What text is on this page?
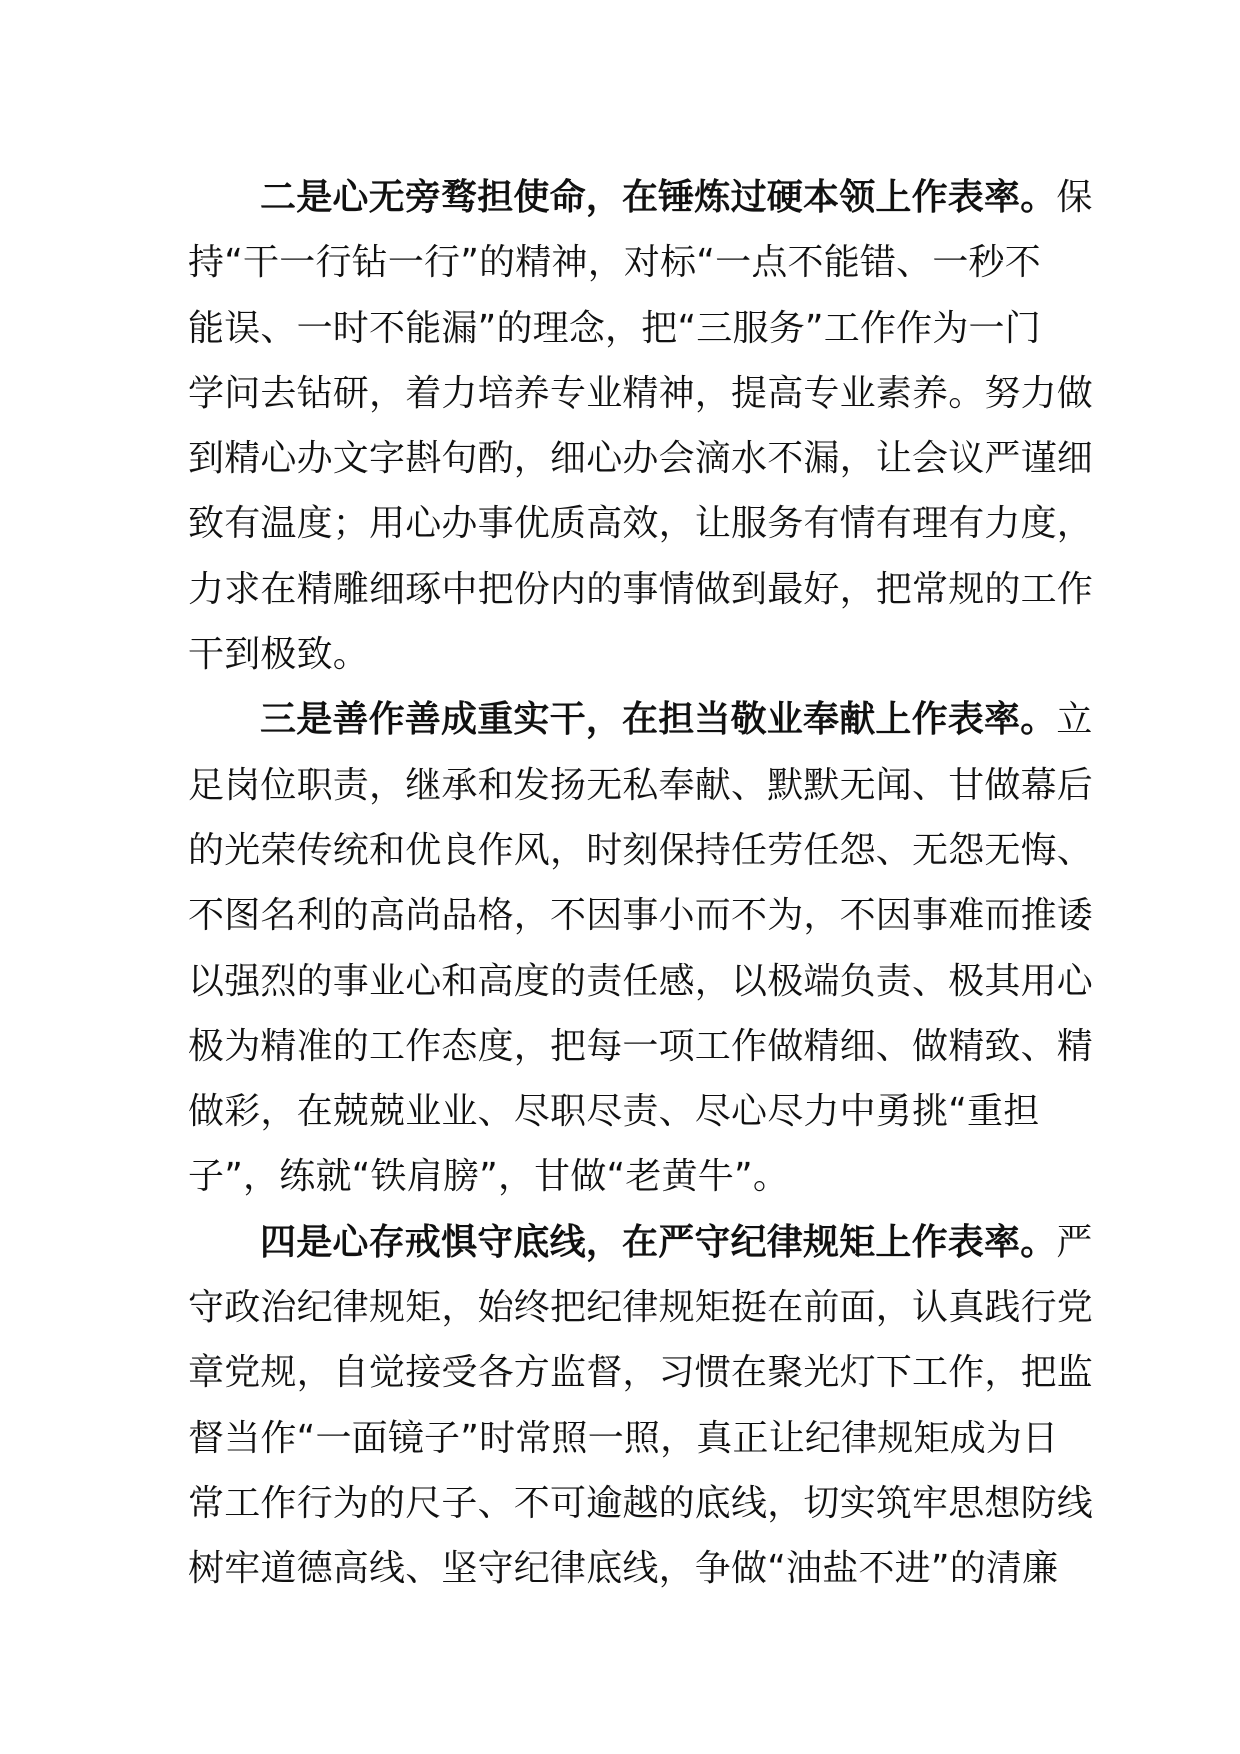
二是心无旁骛担使命，在锤炼过硬本领上作表率。保
持“干一行钻一行”的精神，对标“一点不能错、一秒不
能误、一时不能漏”的理念，把“三服务”工作作为一门
学问去钻研，着力培养专业精神，提高专业素养。努力做
到精心办文字斟句酌，细心办会滴水不漏，让会议严谨细
致有温度；用心办事优质高效，让服务有情有理有力度，
力求在精雕细琢中把份内的事情做到最好，把常规的工作
干到极致。
三是善作善成重实干，在担当敬业奉献上作表率。立
足岗位职责，继承和发扬无私奉献、默默无闻、甘做幕后
的光荣传统和优良作风，时刻保持任劳任怨、无怨无悔、
不图名利的高尚品格，不因事小而不为，不因事难而推诿
以强烈的事业心和高度的责任感，以极端负责、极其用心
极为精准的工作态度，把每一项工作做精细、做精致、精
做彩，在兢兢业业、尽职尽责、尽心尽力中勇挑“重担
子”，练就“铁肩膀”，甘做“老黄牛”。
四是心存戒惧守底线，在严守纪律规矩上作表率。严
守政治纪律规矩，始终把纪律规矩挺在前面，认真践行党
章党规，自觉接受各方监督，习惯在聚光灯下工作，把监
督当作“一面镜子”时常照一照，真正让纪律规矩成为日
常工作行为的尺子、不可逾越的底线，切实筑牢思想防线
树牢道德高线、坚守纪律底线，争做“油盐不进”的清廉
